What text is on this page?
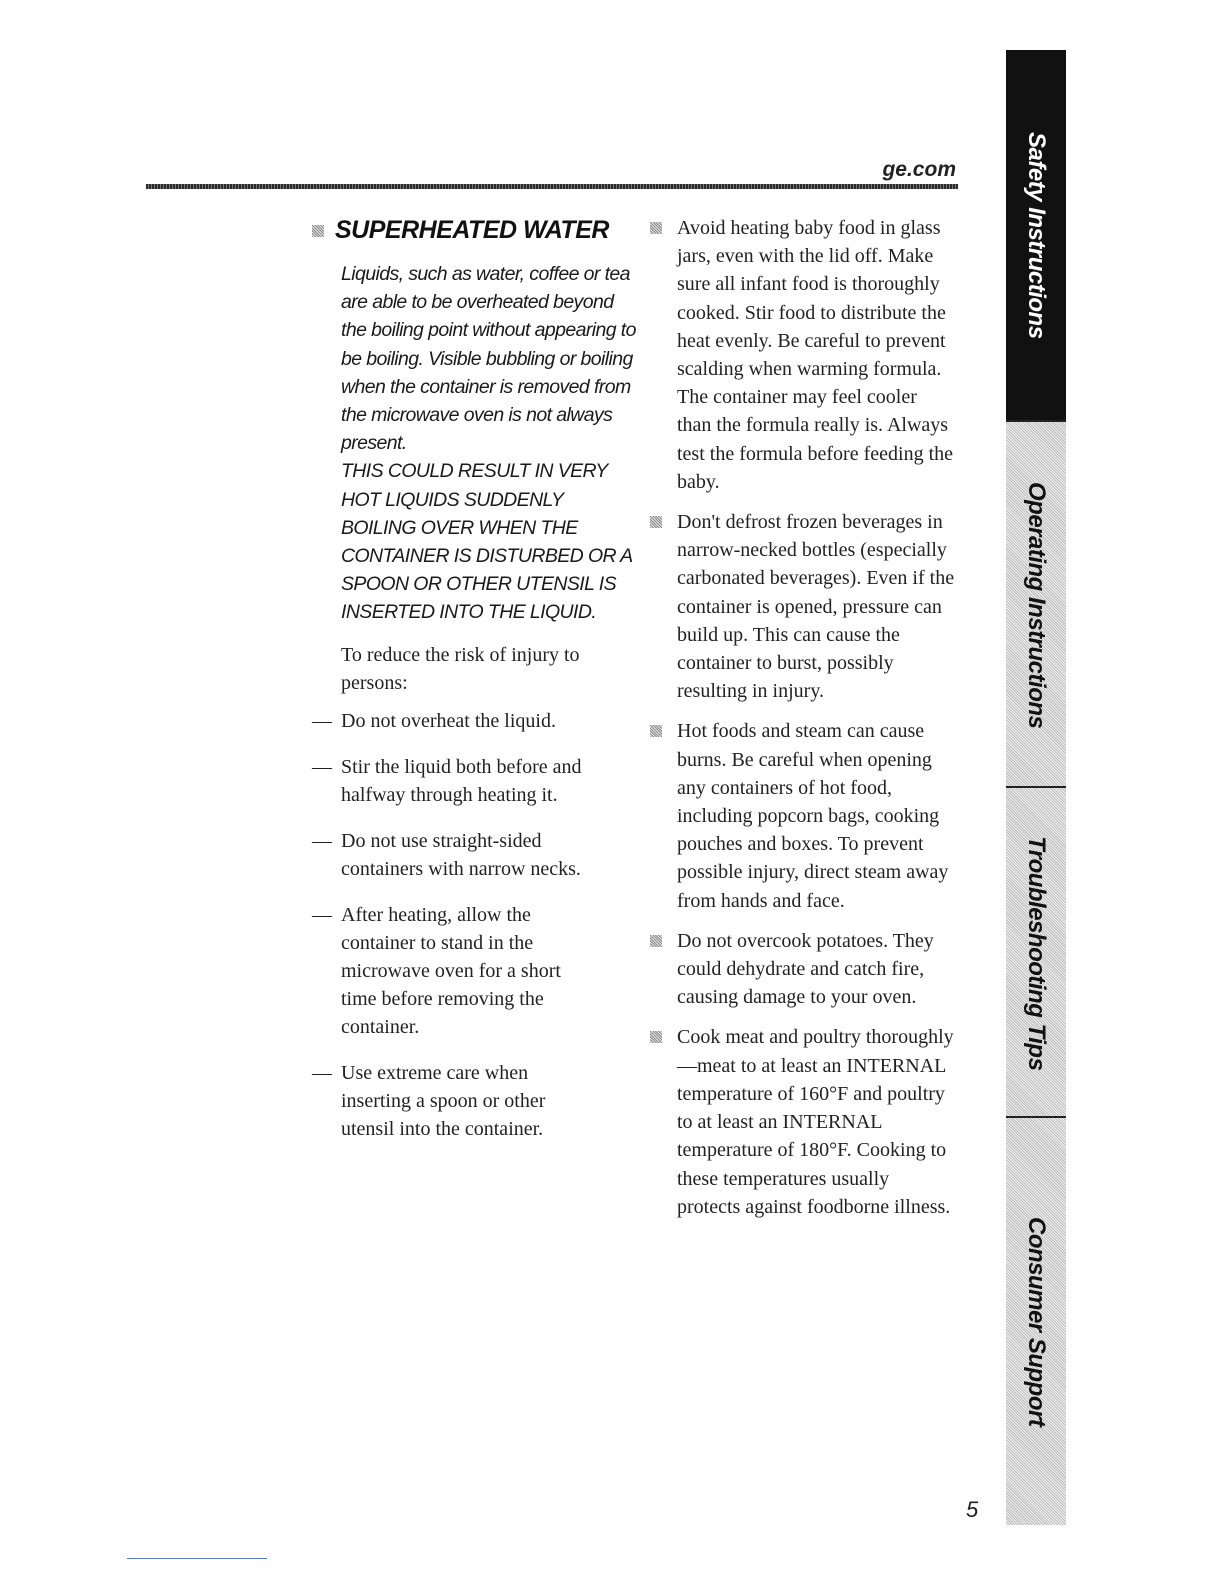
ge.com

SUPERHEATED WATER

Liquids, such as water, coffee or tea are able to be overheated beyond the boiling point without appearing to be boiling. Visible bubbling or boiling when the container is removed from the microwave oven is not always present.

THIS COULD RESULT IN VERY HOT LIQUIDS SUDDENLY BOILING OVER WHEN THE CONTAINER IS DISTURBED OR A SPOON OR OTHER UTENSIL IS INSERTED INTO THE LIQUID.

To reduce the risk of injury to persons:

— Do not overheat the liquid.
— Stir the liquid both before and halfway through heating it.
— Do not use straight-sided containers with narrow necks.
— After heating, allow the container to stand in the microwave oven for a short time before removing the container.
— Use extreme care when inserting a spoon or other utensil into the container.
Avoid heating baby food in glass jars, even with the lid off. Make sure all infant food is thoroughly cooked. Stir food to distribute the heat evenly. Be careful to prevent scalding when warming formula. The container may feel cooler than the formula really is. Always test the formula before feeding the baby.
Don't defrost frozen beverages in narrow-necked bottles (especially carbonated beverages). Even if the container is opened, pressure can build up. This can cause the container to burst, possibly resulting in injury.
Hot foods and steam can cause burns. Be careful when opening any containers of hot food, including popcorn bags, cooking pouches and boxes. To prevent possible injury, direct steam away from hands and face.
Do not overcook potatoes. They could dehydrate and catch fire, causing damage to your oven.
Cook meat and poultry thoroughly—meat to at least an INTERNAL temperature of 160°F and poultry to at least an INTERNAL temperature of 180°F. Cooking to these temperatures usually protects against foodborne illness.
Safety Instructions
Operating Instructions
Troubleshooting Tips
Consumer Support

5
